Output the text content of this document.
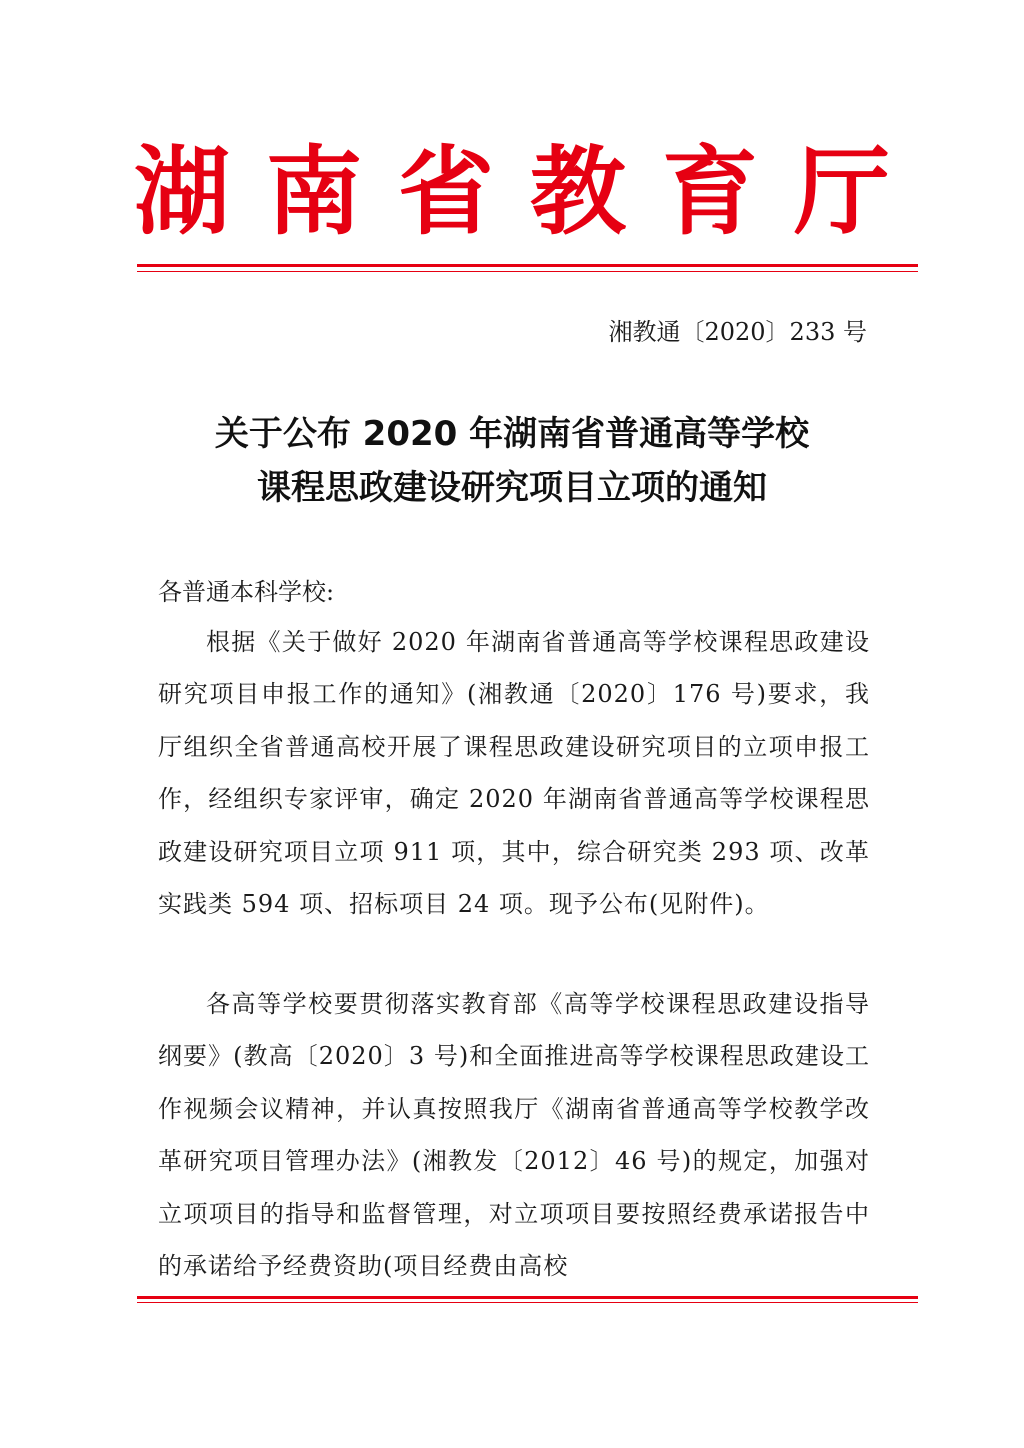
湖南省教育厅
湘教通〔2020〕233 号
关于公布 2020 年湖南省普通高等学校
课程思政建设研究项目立项的通知
各普通本科学校:
根据《关于做好 2020 年湖南省普通高等学校课程思政建设研究项目申报工作的通知》(湘教通〔2020〕176 号)要求，我厅组织全省普通高校开展了课程思政建设研究项目的立项申报工作，经组织专家评审，确定 2020 年湖南省普通高等学校课程思政建设研究项目立项 911 项，其中，综合研究类 293 项、改革实践类 594 项、招标项目 24 项。现予公布(见附件)。
各高等学校要贯彻落实教育部《高等学校课程思政建设指导纲要》(教高〔2020〕3 号)和全面推进高等学校课程思政建设工作视频会议精神，并认真按照我厅《湖南省普通高等学校教学改革研究项目管理办法》(湘教发〔2012〕46 号)的规定，加强对立项项目的指导和监督管理，对立项项目要按照经费承诺报告中的承诺给予经费资助(项目经费由高校
